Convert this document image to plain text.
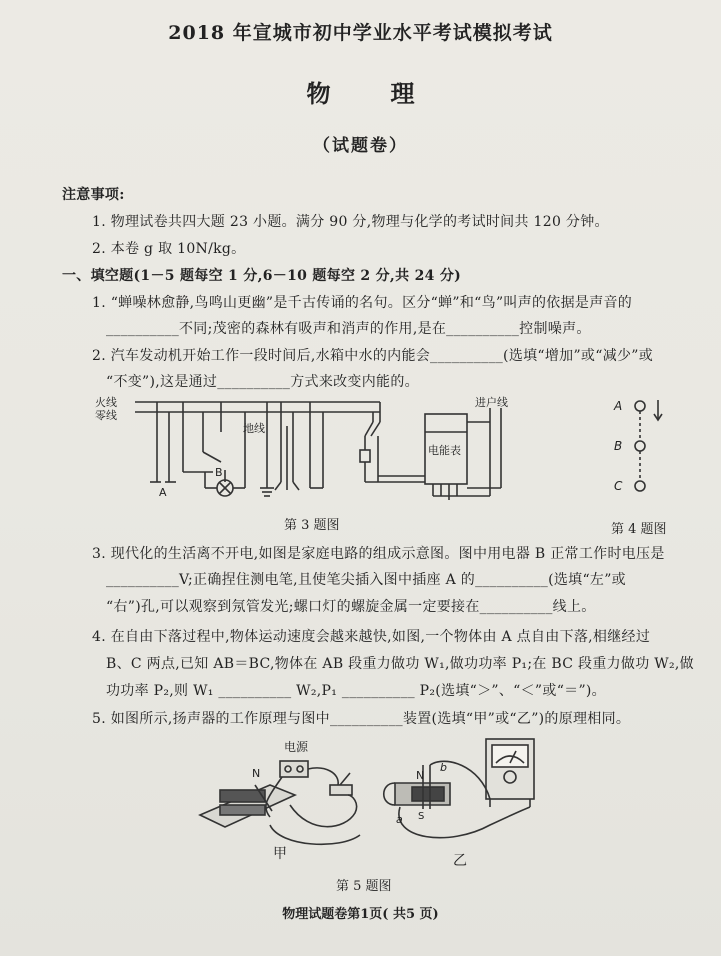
2018 年宣城市初中学业水平考试模拟考试
物理
（试题卷）
注意事项:
1. 物理试卷共四大题 23 小题。满分 90 分,物理与化学的考试时间共 120 分钟。
2. 本卷 g 取 10N/kg。
一、填空题(1－5 题每空 1 分,6－10 题每空 2 分,共 24 分)
1. “蝉噪林愈静,鸟鸣山更幽”是千古传诵的名句。区分“蝉”和“鸟”叫声的依据是声音的
__________不同;茂密的森林有吸声和消声的作用,是在__________控制噪声。
2. 汽车发动机开始工作一段时间后,水箱中水的内能会__________(选填“增加”或“减少”或
“不变”),这是通过__________方式来改变内能的。
火线
零线
地线
进户线
电能表
A
B
第 3 题图
A
B
C
第 4 题图
3. 现代化的生活离不开电,如图是家庭电路的组成示意图。图中用电器 B 正常工作时电压是
__________V;正确捏住测电笔,且使笔尖插入图中插座 A 的__________(选填“左”或
“右”)孔,可以观察到氖管发光;螺口灯的螺旋金属一定要接在__________线上。
4. 在自由下落过程中,物体运动速度会越来越快,如图,一个物体由 A 点自由下落,相继经过
B、C 两点,已知 AB＝BC,物体在 AB 段重力做功 W₁,做功功率 P₁;在 BC 段重力做功 W₂,做
功功率 P₂,则 W₁ __________ W₂,P₁ __________ P₂(选填“＞”、“＜”或“＝”)。
5. 如图所示,扬声器的工作原理与图中__________装置(选填“甲”或“乙”)的原理相同。
N
电源
N
S
a
b
甲	乙
第 5 题图
物理试题卷第1页( 共5 页)
